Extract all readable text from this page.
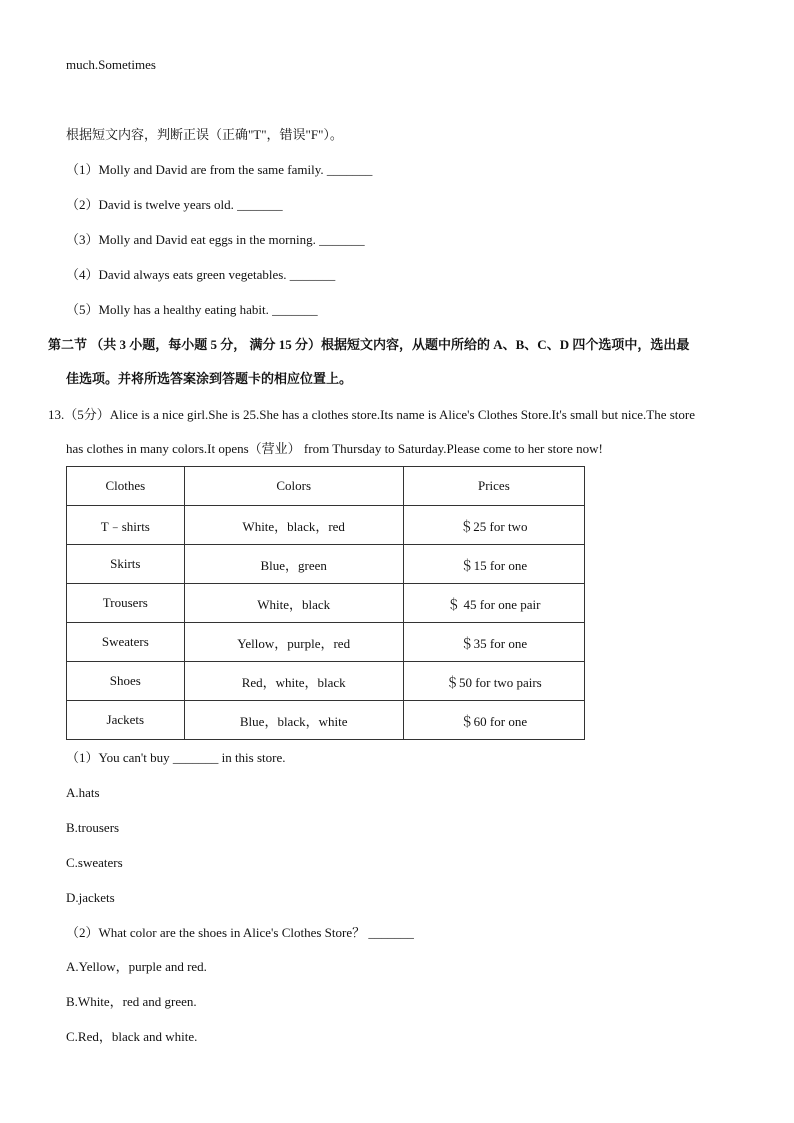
much.Sometimes
根据短文内容，判断正误（正确"T"，错误"F"）。
（1）Molly and David are from the same family. _______
（2）David is twelve years old. _______
（3）Molly and David eat eggs in the morning. _______
（4）David always eats green vegetables. _______
（5）Molly has a healthy eating habit. _______
第二节 （共 3 小题，每小题 5 分， 满分 15 分）根据短文内容，从题中所给的 A、B、C、D 四个选项中，选出最
佳选项。并将所选答案涂到答题卡的相应位置上。
13.（5分）Alice is a nice girl.She is 25.She has a clothes store.Its name is Alice's Clothes Store.It's small but nice.The store
has clothes in many colors.It opens（营业） from Thursday to Saturday.Please come to her store now!
Clothes	Colors	Prices
T﹣shirts	White，black，red	＄25 for two
Skirts	Blue，green	＄15 for one
Trousers	White，black	＄ 45 for one pair
Sweaters	Yellow，purple，red	＄35 for one
Shoes	Red，white，black	＄50 for two pairs
Jackets	Blue，black，white	＄60 for one
（1）You can't buy _______ in this store.
A.hats
B.trousers
C.sweaters
D.jackets
（2）What color are the shoes in Alice's Clothes Store？ _______
A.Yellow，purple and red.
B.White，red and green.
C.Red，black and white.
